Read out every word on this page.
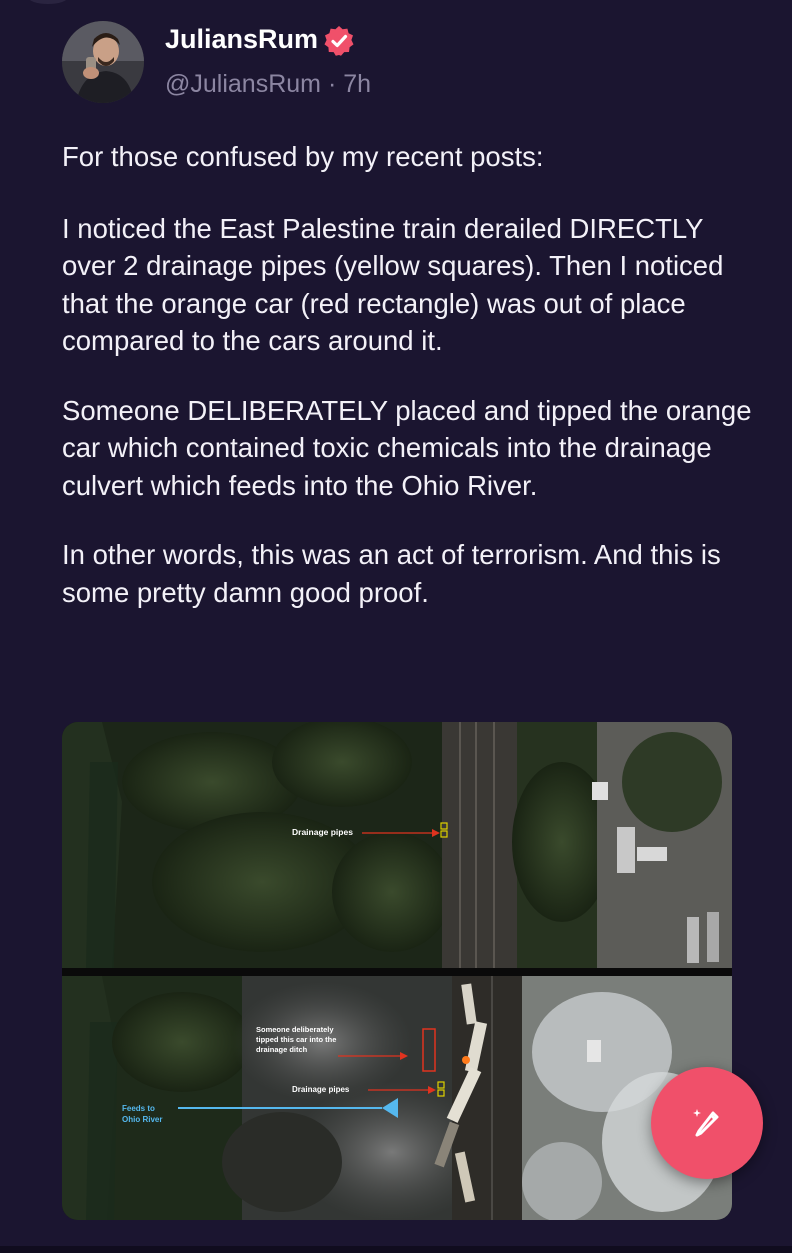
JuliansRum
@JuliansRum · 7h

For those confused by my recent posts:

I noticed the East Palestine train derailed DIRECTLY over 2 drainage pipes (yellow squares). Then I noticed that the orange car (red rectangle) was out of place compared to the cars around it.

Someone DELIBERATELY placed and tipped the orange car which contained toxic chemicals into the drainage culvert which feeds into the Ohio River.

In other words, this was an act of terrorism. And this is some pretty damn good proof.

Drainage pipes
Someone deliberately
tipped this car into the
drainage ditch
Drainage pipes
Feeds to
Ohio River
